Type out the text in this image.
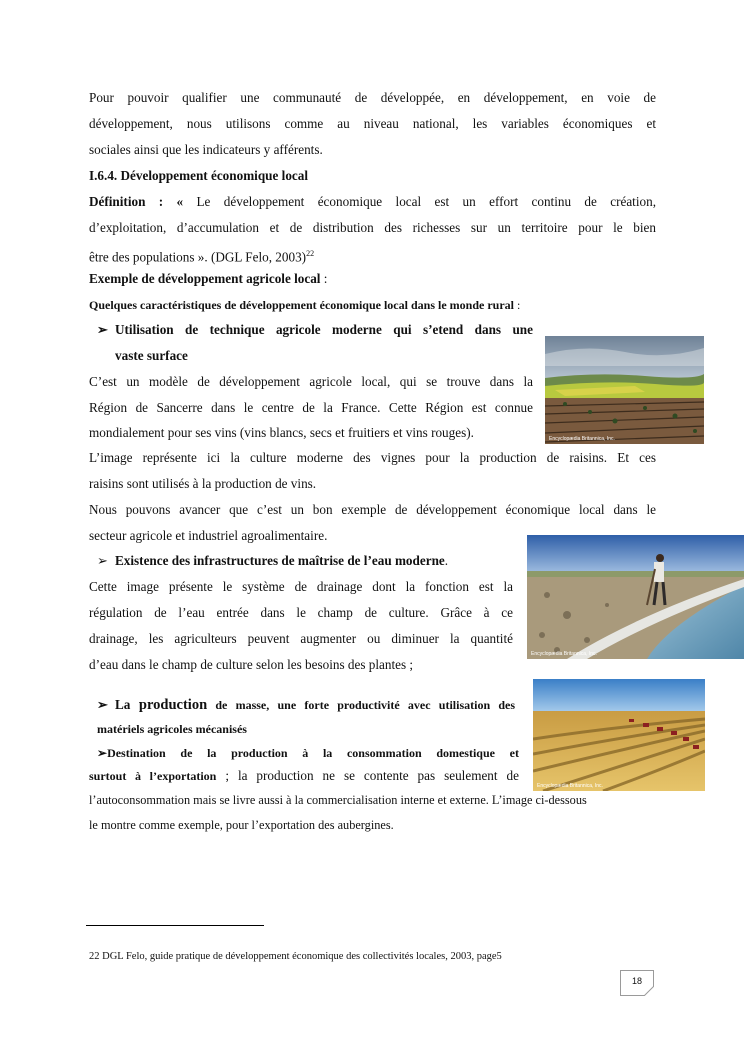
Pour pouvoir qualifier une communauté de développée, en développement, en voie de
développement, nous utilisons comme au niveau national, les variables économiques et
sociales ainsi que les indicateurs y afférents.
I.6.4. Développement économique local
Définition : « Le développement économique local est un effort continu de création,
d’exploitation, d’accumulation et de distribution des richesses sur un territoire pour le bien
être des populations ». (DGL Felo, 2003)$^{22}$
Exemple de développement agricole local :
Quelques caractéristiques de développement économique local dans le monde rural :
➢ Utilisation de technique agricole moderne qui s’etend dans une
vaste surface
C’est un modèle de développement agricole local, qui se trouve dans la
Région de Sancerre dans le centre de la France. Cette Région est connue
mondialement pour ses vins (vins blancs, secs et fruitiers et vins rouges).
L’image représente ici la culture moderne des vignes pour la production de raisins. Et ces
raisins sont utilisés à la production de vins.
Nous pouvons avancer que c’est un bon exemple de développement économique local dans le
secteur agricole et industriel agroalimentaire.
Encyclopædia Britannica, Inc.
➢ Existence des infrastructures de maîtrise de l’eau moderne.
Cette image présente le système de drainage dont la fonction est la
régulation de l’eau entrée dans le champ de culture. Grâce à ce
drainage, les agriculteurs peuvent augmenter ou diminuer la quantité
d’eau dans le champ de culture selon les besoins des plantes ;
Encyclopædia Britannica, Inc.
➢ La production de masse, une forte productivité avec utilisation des
matériels agricoles mécanisés
➢Destination de la production à la consommation domestique et
surtout à l’exportation ; la production ne se contente pas seulement de
l’autoconsommation mais se livre aussi à la commercialisation interne et externe. L’image ci-dessous
le montre comme exemple, pour l’exportation des aubergines.
Encyclopædia Britannica, Inc.
22 DGL Felo, guide pratique de développement économique des collectivités locales, 2003, page5
18
